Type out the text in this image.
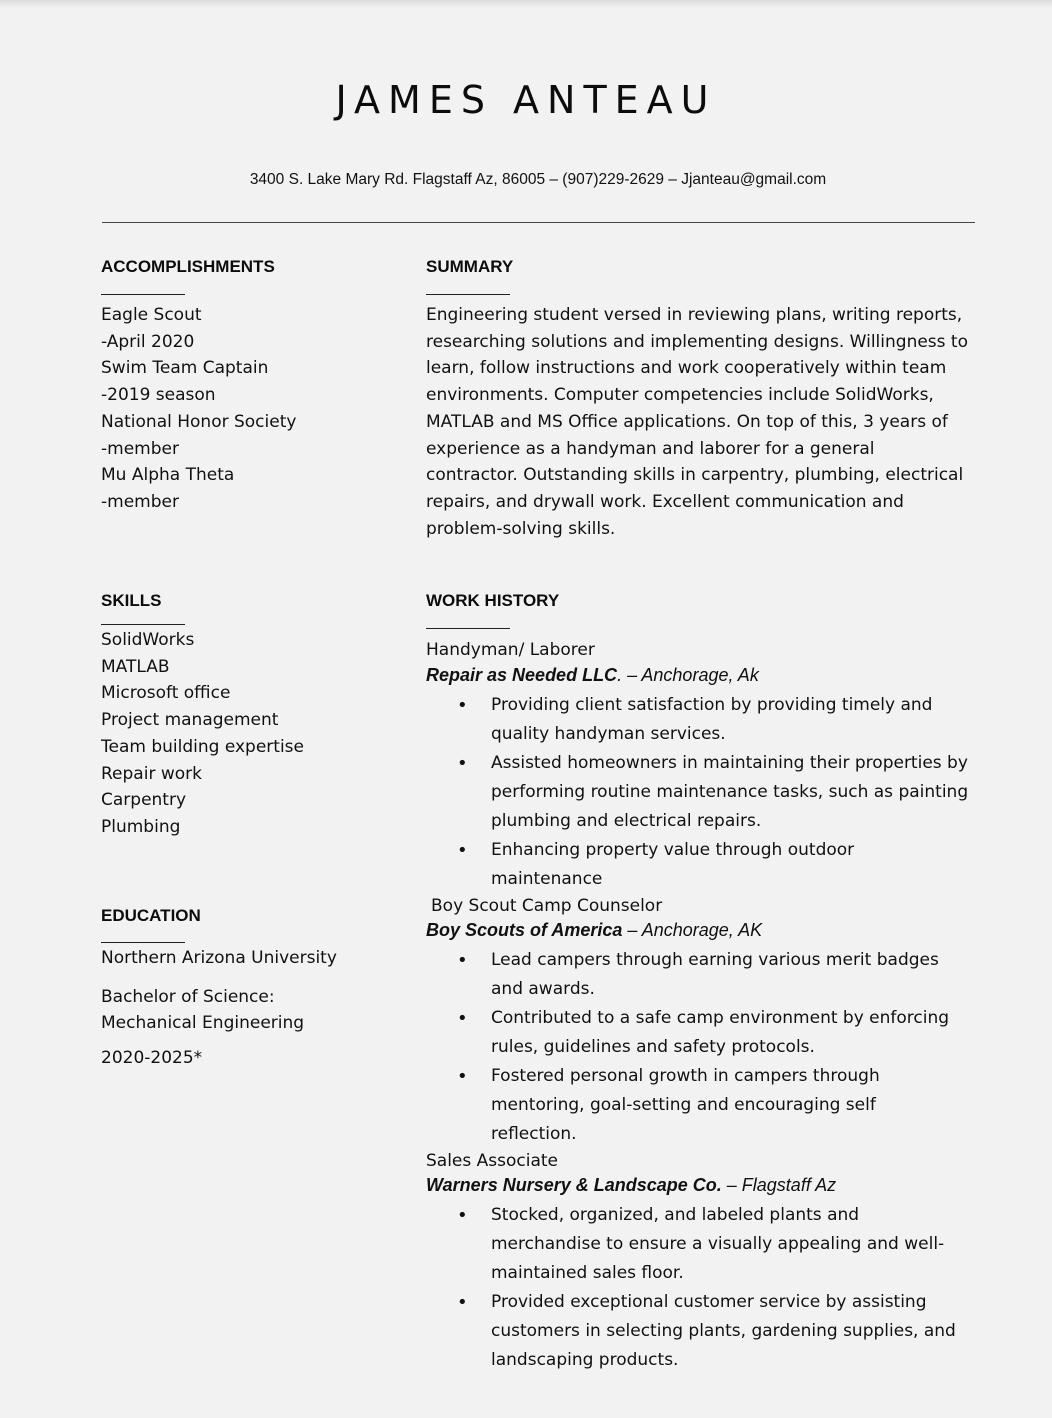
JAMES ANTEAU
3400 S. Lake Mary Rd. Flagstaff Az, 86005 – (907)229-2629 – Jjanteau@gmail.com
ACCOMPLISHMENTS
Eagle Scout
-April 2020
Swim Team Captain
-2019 season
National Honor Society
-member
Mu Alpha Theta
-member
SKILLS
SolidWorks
MATLAB
Microsoft office
Project management
Team building expertise
Repair work
Carpentry
Plumbing
EDUCATION

Northern Arizona University

Bachelor of Science:

Mechanical Engineering

2020-2025*

SUMMARY

Engineering student versed in reviewing plans, writing reports,

researching solutions and implementing designs. Willingness to

learn, follow instructions and work cooperatively within team

environments. Computer competencies include SolidWorks,

MATLAB and MS Office applications. On top of this, 3 years of

experience as a handyman and laborer for a general

contractor. Outstanding skills in carpentry, plumbing, electrical

repairs, and drywall work. Excellent communication and

problem-solving skills.

WORK HISTORY

Handyman/ Laborer

Repair as Needed LLC. – Anchorage, Ak

• Providing client satisfaction by providing timely and
quality handyman services.
• Assisted homeowners in maintaining their properties by
performing routine maintenance tasks, such as painting
plumbing and electrical repairs.
• Enhancing property value through outdoor
maintenance

Boy Scout Camp Counselor

Boy Scouts of America – Anchorage, AK

• Lead campers through earning various merit badges
and awards.
• Contributed to a safe camp environment by enforcing
rules, guidelines and safety protocols.
• Fostered personal growth in campers through
mentoring, goal-setting and encouraging self
reflection.

Sales Associate

Warners Nursery & Landscape Co. – Flagstaff Az

• Stocked, organized, and labeled plants and
merchandise to ensure a visually appealing and well-
maintained sales floor.
• Provided exceptional customer service by assisting
customers in selecting plants, gardening supplies, and
landscaping products.
